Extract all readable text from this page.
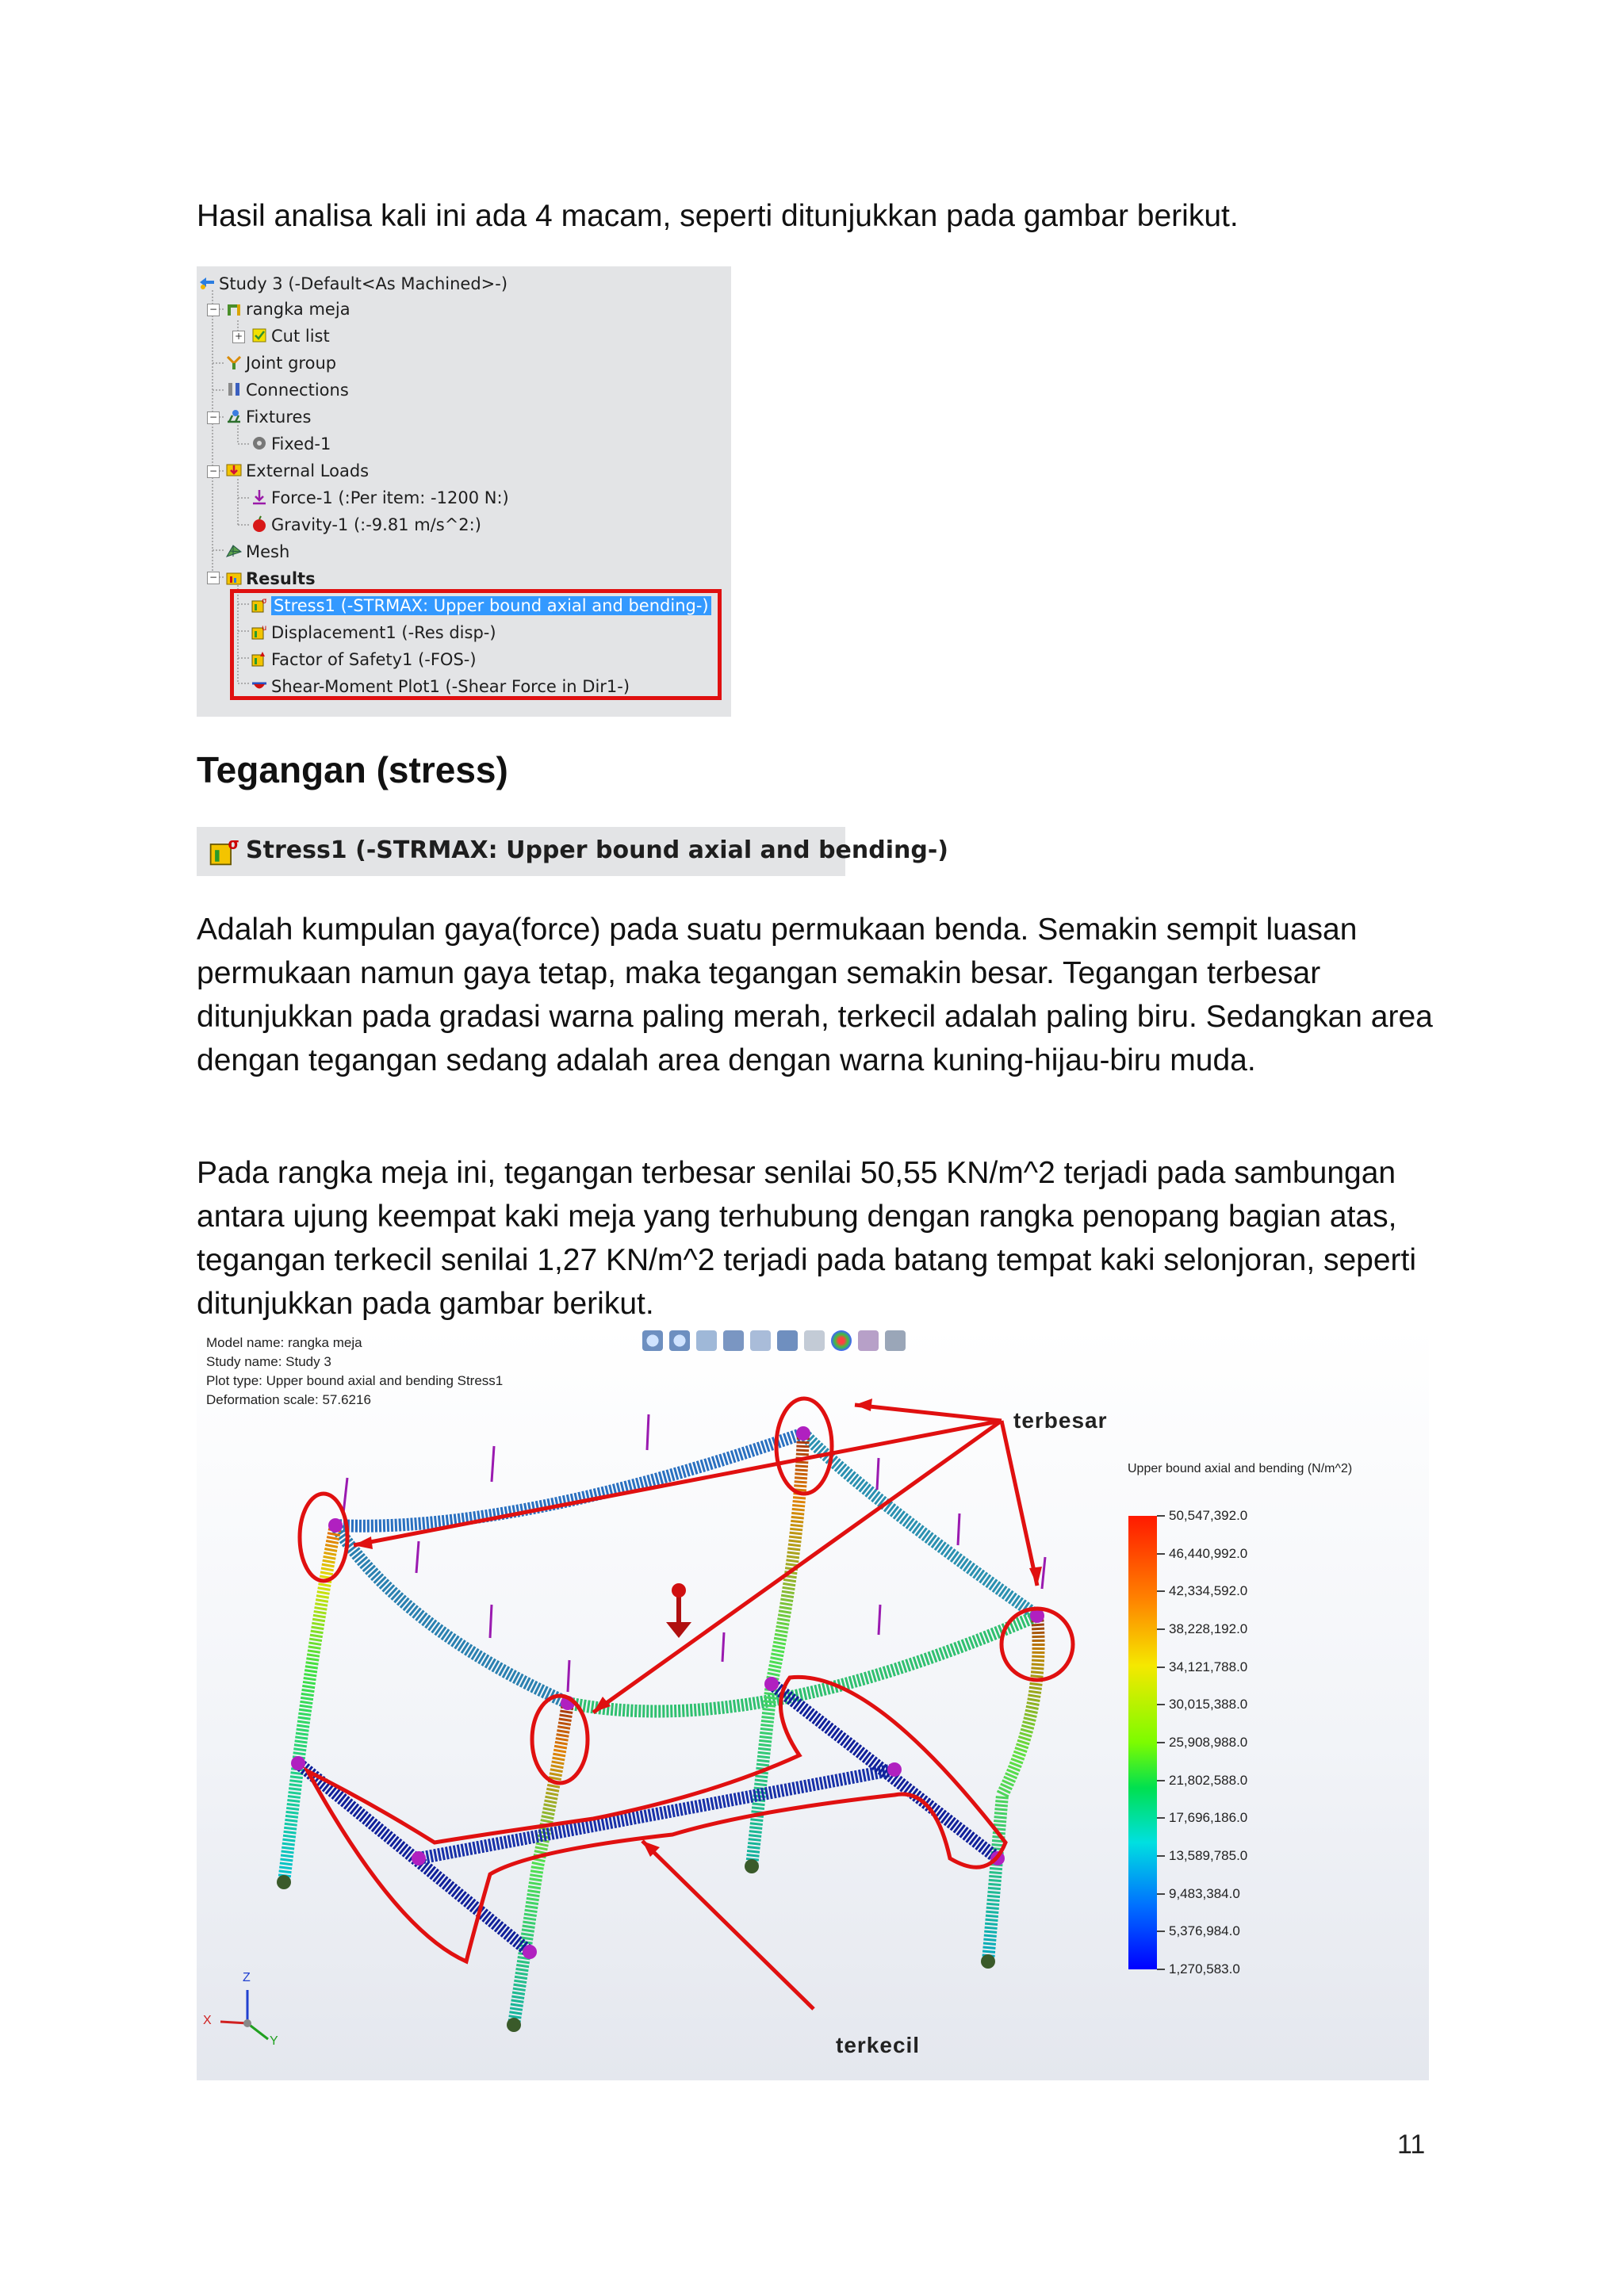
Hasil analisa kali ini ada 4 macam, seperti ditunjukkan pada gambar berikut.

Study 3 (-Default<As Machined>-)
−
+
−
−
−
rangka meja
Cut list
Joint group
Connections
Fixtures
Fixed-1
External Loads
Force-1 (:Per item: -1200 N:)
Gravity-1 (:-9.81 m/s^2:)
Mesh
Results
σ Stress1 (-STRMAX: Upper bound axial and bending-)
u Displacement1 (-Res disp-)
Factor of Safety1 (-FOS-)
Shear-Moment Plot1 (-Shear Force in Dir1-)
Tegangan (stress)
σ Stress1 (-STRMAX: Upper bound axial and bending-)

Adalah kumpulan gaya(force) pada suatu permukaan benda. Semakin sempit luasan permukaan namun gaya tetap, maka tegangan semakin besar. Tegangan terbesar ditunjukkan pada gradasi warna paling merah, terkecil adalah paling biru. Sedangkan area dengan tegangan sedang adalah area dengan warna kuning-hijau-biru muda.

Pada rangka meja ini, tegangan terbesar senilai 50,55 KN/m^2 terjadi pada sambungan antara ujung keempat kaki meja yang terhubung dengan rangka penopang bagian atas, tegangan terkecil senilai 1,27 KN/m^2 terjadi pada batang tempat kaki selonjoran, seperti ditunjukkan pada gambar berikut.

Model name: rangka meja
Study name: Study 3
Plot type: Upper bound axial and bending Stress1
Deformation scale: 57.6216
terbesar
terkecil
Z
X
Y
Upper bound axial and bending (N/m^2)
50,547,392.0
46,440,992.0
42,334,592.0
38,228,192.0
34,121,788.0
30,015,388.0
25,908,988.0
21,802,588.0
17,696,186.0
13,589,785.0
9,483,384.0
5,376,984.0
1,270,583.0
11
